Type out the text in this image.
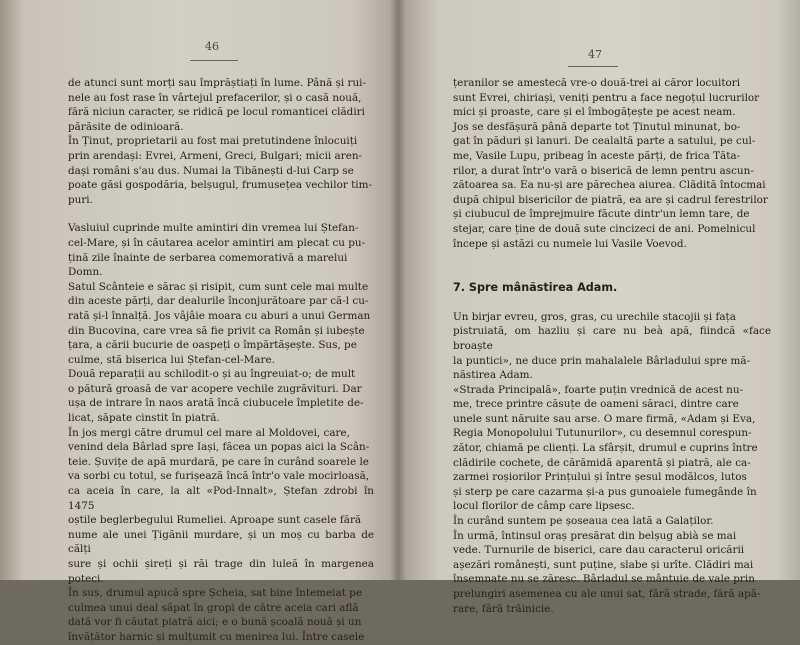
46

de atunci sunt morți sau împrăștiați în lume. Până și rui-

nele au fost rase în vârtejul prefacerilor, și o casă nouă,

fără niciun caracter, se ridică pe locul romanticei clădiri

părăsite de odinioară.

În Ținut, proprietarii au fost mai pretutindene înlocuiți

prin arendași: Evrei, Armeni, Greci, Bulgari; micii aren-

dași români s'au dus. Numai la Tibănești d-lui Carp se

poate găsi gospodăria, belșugul, frumusețea vechilor tim-

puri.

Vasluiul cuprinde multe amintiri din vremea lui Ștefan-

cel-Mare, și în căutarea acelor amintiri am plecat cu pu-

țină zile înainte de serbarea comemorativă a marelui

Domn.

Satul Scânteie e sărac și risipit, cum sunt cele mai multe

din aceste părți, dar dealurile înconjurătoare par că-l cu-

rată și-l înnalță. Jos vâjâie moara cu aburi a unui German

din Bucovina, care vrea să fie privit ca Român și iubește

țara, a cării bucurie de oaspeți o împărtășește. Sus, pe

culme, stă biserica lui Ștefan-cel-Mare.

Două reparații au schilodit-o și au îngreuiat-o; de mult

o pătură groasă de var acopere vechile zugrăvituri. Dar

ușa de intrare în naos arată încă ciubucele împletite de-

licat, săpate cinstit în piatră.

În jos mergi către drumul cel mare al Moldovei, care,

venind dela Bârlad spre Iași, făcea un popas aici la Scân-

teie. Șuvițe de apă murdară, pe care în curând soarele le

va sorbi cu totul, se furișează încă într'o vale mocirloasă,

ca aceia în care, la alt «Pod-Innalt», Ștefan zdrobi în 1475

oștile beglerbegului Rumeliei. Aproape sunt casele fără

nume ale unei Țigănii murdare, și un moș cu barba de călți

sure și ochii șireți și răi trage din luleă în margenea poteci.

În sus, drumul apucă spre Șcheia, sat bine întemeiat pe

culmea unui deal săpat în gropi de către aceia cari află

dată vor fi căutat piatră aici; e o bună școală nouă și un

învățător harnic și mulțumit cu menirea lui. Între casele

47

țeranilor se amestecă vre-o două-trei ai căror locuitori

sunt Evrei, chiriași, veniți pentru a face negoțul lucrurilor

mici și proaste, care și el îmbogățește pe acest neam.

Jos se desfășură până departe tot Ținutul minunat, bo-

gat în păduri și lanuri. De cealaltă parte a satului, pe cul-

me, Vasile Lupu, pribeag în aceste părți, de frica Tăta-

rilor, a durat într'o vară o biserică de lemn pentru ascun-

zătoarea sa. Ea nu-și are părechea aiurea. Clădită întocmai

după chipul bisericilor de piatră, ea are și cadrul ferestrilor

și ciubucul de împrejmuire făcute dintr'un lemn tare, de

stejar, care ține de două sute cincizeci de ani. Pomelnicul

începe și astăzi cu numele lui Vasile Voevod.

7. Spre mânăstirea Adam.

Un birjar evreu, gros, gras, cu urechile stacojii și fața

pistruiată, om hazliu și care nu beà apă, fiindcă «face broaște

la puntici», ne duce prin mahalalele Bârladului spre mă-

năstirea Adam.

«Strada Principală», foarte puțin vrednică de acest nu-

me, trece printre căsuțe de oameni săraci, dintre care

unele sunt năruite sau arse. O mare firmă, «Adam și Eva,

Regia Monopolului Tutunurilor», cu desemnul corespun-

zător, chiamă pe clienți. La sfârșit, drumul e cuprins între

clădirile cochete, de cărămidă aparentă și piatră, ale ca-

zarmei roșiorilor Prințului și între șesul modălcos, lutos

și sterp pe care cazarma și-a pus gunoaiele fumegânde în

locul florilor de câmp care lipsesc.

În curând suntem pe șoseaua cea lată a Galaților.

În urmă, întinsul oraș presărat din belșug abià se mai

vede. Turnurile de biserici, care dau caracterul oricării

așezări românești, sunt puține, slabe și urîte. Clădiri mai

însemnate nu se zăresc. Bârladul se mântuie de vale prin

prelungiri asemenea cu ale unui sat, fără strade, fără apă-

rare, fără trăinicie.
